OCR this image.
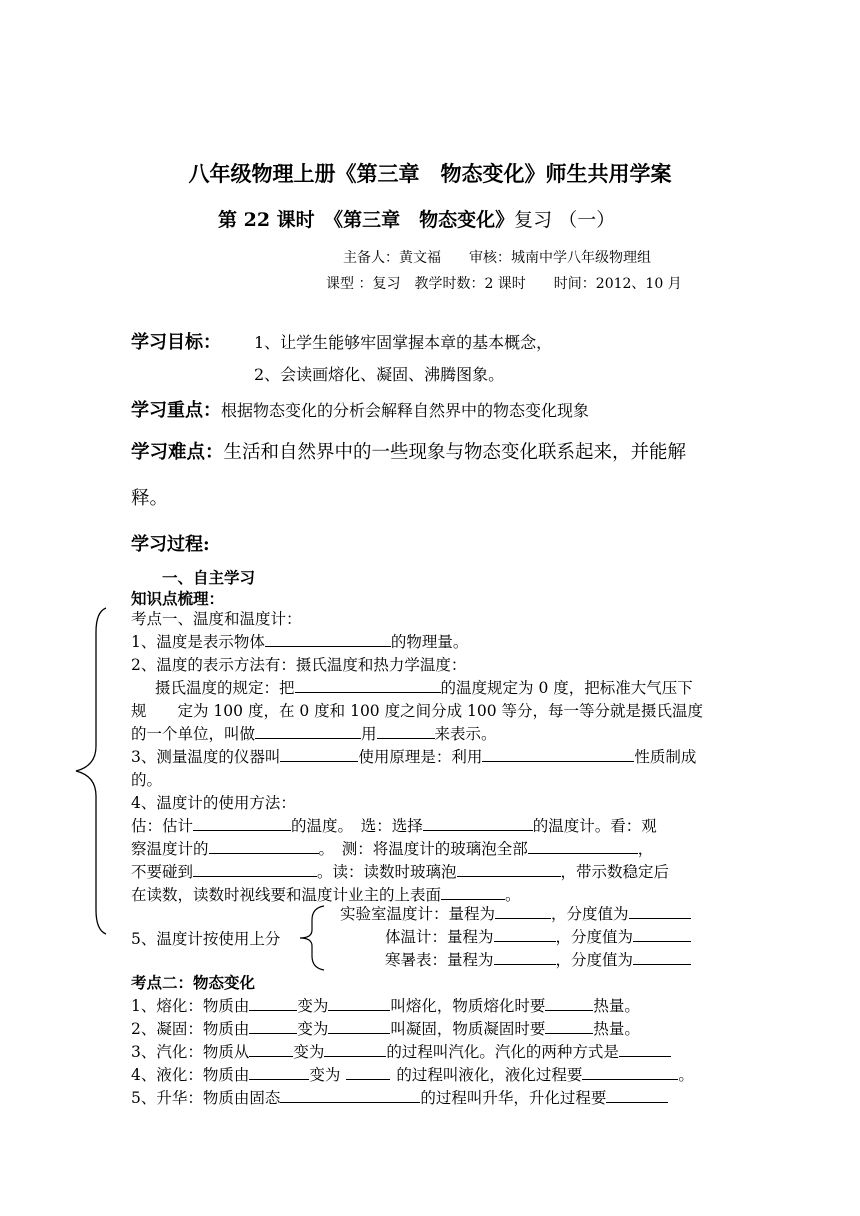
八年级物理上册《第三章　物态变化》师生共用学案
第 22 课时　《第三章　物态变化》复习 （一）
主备人：黄文福　　审核：城南中学八年级物理组
课型 ：复习　教学时数：2 课时　　时间：2012、10 月
学习目标： 1、让学生能够牢固掌握本章的基本概念，
2、会读画熔化、凝固、沸腾图象。
学习重点：根据物态变化的分析会解释自然界中的物态变化现象
学习难点：生活和自然界中的一些现象与物态变化联系起来，并能解
释。
学习过程:
一、自主学习
知识点梳理：
考点一、温度和温度计：
1、温度是表示物体	的物理量。
2、温度的表示方法有：摄氏温度和热力学温度：
摄氏温度的规定：把	的温度规定为 0 度，把标准大气压下
规　　定为 100 度，在 0 度和 100 度之间分成 100 等分，每一等分就是摄氏温度
的一个单位，叫做	用	来表示。
3、测量温度的仪器叫	使用原理是：利用	性质制成
的。
4、温度计的使用方法：
估：估计	的温度。　选：选择	的温度计。看：观
察温度计的	。　测：将温度计的玻璃泡全部	，
不要碰到	。读：读数时玻璃泡	，带示数稳定后
在读数，读数时视线要和温度计业主的上表面	。
5、温度计按使用上分
实验室温度计：量程为	，分度值为
体温计：量程为	，分度值为
寒暑表：量程为	，分度值为
考点二：物态变化
1、熔化：物质由	变为	叫熔化，物质熔化时要	热量。
2、凝固：物质由	变为	叫凝固，物质凝固时要	热量。
3、汽化：物质从	变为	的过程叫汽化。汽化的两种方式是
4、液化：物质由	变为	的过程叫液化，液化过程要	。
5、升华：物质由固态	的过程叫升华，升化过程要
